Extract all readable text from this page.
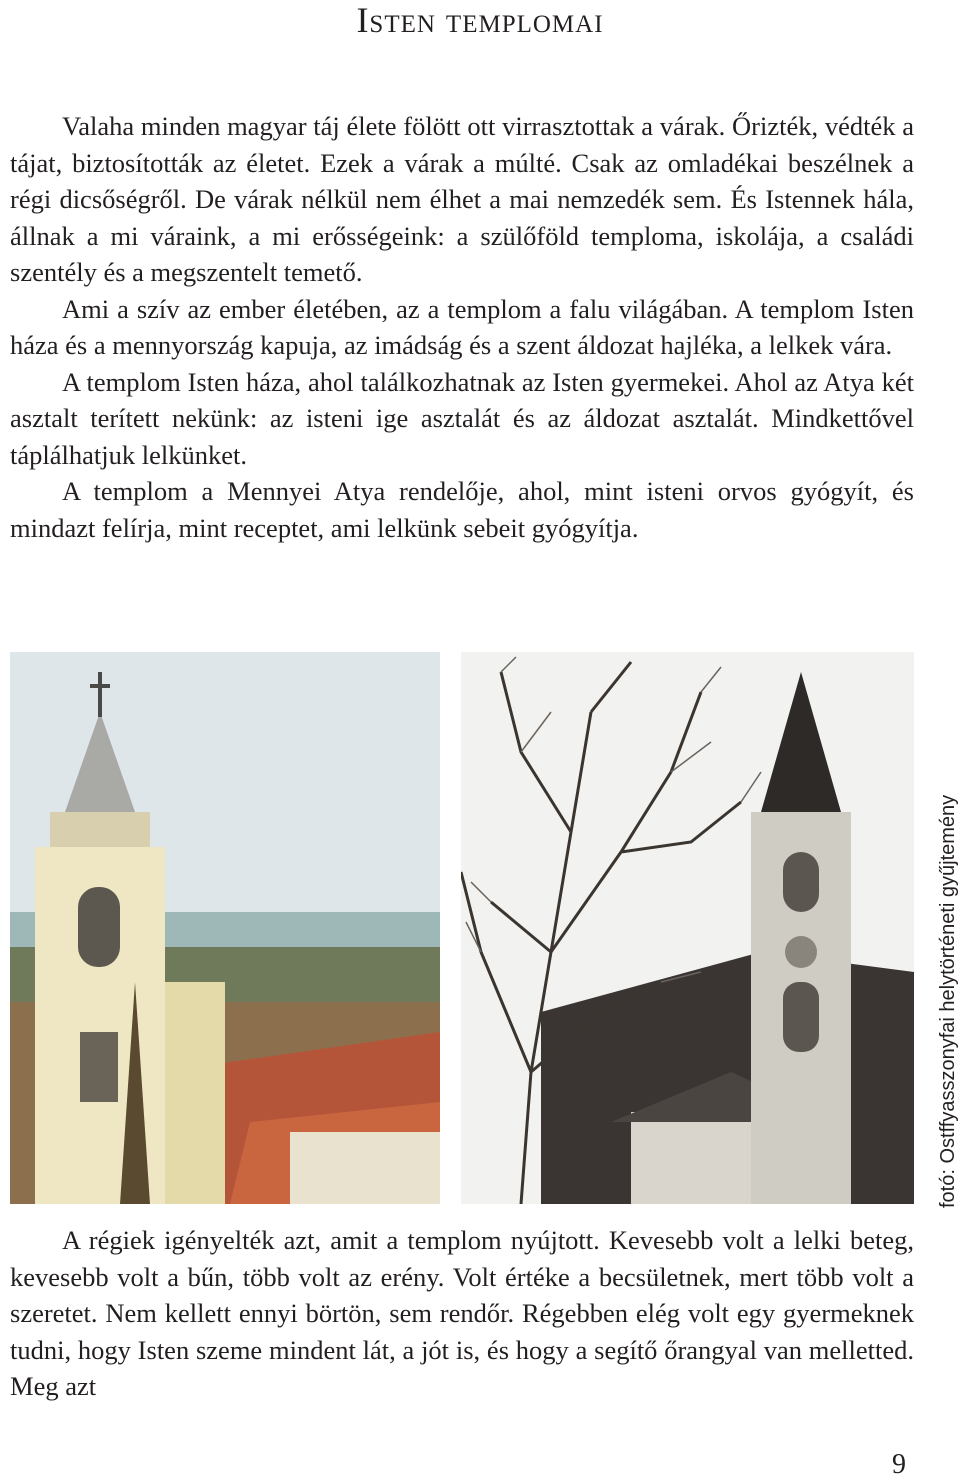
Isten templomai

Valaha minden magyar táj élete fölött ott virrasztottak a várak. Őrizték, védték a tájat, biztosították az életet. Ezek a várak a múlté. Csak az omladékai beszélnek a régi dicsőségről. De várak nélkül nem élhet a mai nemzedék sem. És Istennek hála, állnak a mi váraink, a mi erősségeink: a szülőföld temploma, iskolája, a családi szentély és a megszentelt temető.

Ami a szív az ember életében, az a templom a falu világában. A templom Isten háza és a mennyország kapuja, az imádság és a szent áldozat hajléka, a lelkek vára.

A templom Isten háza, ahol találkozhatnak az Isten gyermekei. Ahol az Atya két asztalt terített nekünk: az isteni ige asztalát és az áldozat asztalát. Mindkettővel táplálhatjuk lelkünket.

A templom a Mennyei Atya rendelője, ahol, mint isteni orvos gyógyít, és mindazt felírja, mint receptet, ami lelkünk sebeit gyógyítja.

fotó: Ostffyasszonyfai helytörténeti gyűjtemény

A régiek igényelték azt, amit a templom nyújtott. Kevesebb volt a lelki beteg, kevesebb volt a bűn, több volt az erény. Volt értéke a becsületnek, mert több volt a szeretet. Nem kellett ennyi börtön, sem rendőr. Régebben elég volt egy gyermeknek tudni, hogy Isten szeme mindent lát, a jót is, és hogy a segítő őrangyal van melletted. Meg azt

9
